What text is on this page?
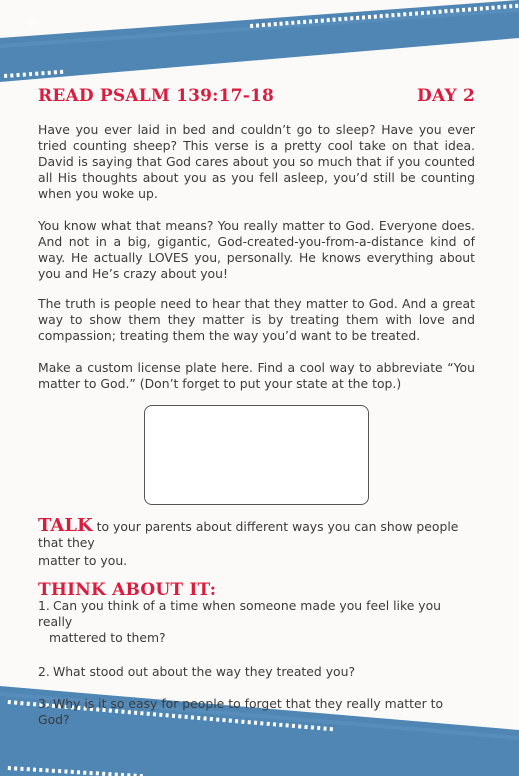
READ PSALM 139:17-18	DAY 2

Have you ever laid in bed and couldn’t go to sleep? Have you ever tried counting sheep? This verse is a pretty cool take on that idea. David is saying that God cares about you so much that if you counted all His thoughts about you as you fell asleep, you’d still be counting when you woke up.

You know what that means? You really matter to God. Everyone does. And not in a big, gigantic, God-created-you-from-a-distance kind of way. He actually LOVES you, personally. He knows everything about you and He’s crazy about you!

The truth is people need to hear that they matter to God. And a great way to show them they matter is by treating them with love and compassion; treating them the way you’d want to be treated.

Make a custom license plate here. Find a cool way to abbreviate “You matter to God.” (Don’t forget to put your state at the top.)

TALK to your parents about different ways you can show people that they
matter to you.
THINK ABOUT IT:
1. Can you think of a time when someone made you feel like you really
mattered to them?
2. What stood out about the way they treated you?
3. Why is it so easy for people to forget that they really matter to God?
